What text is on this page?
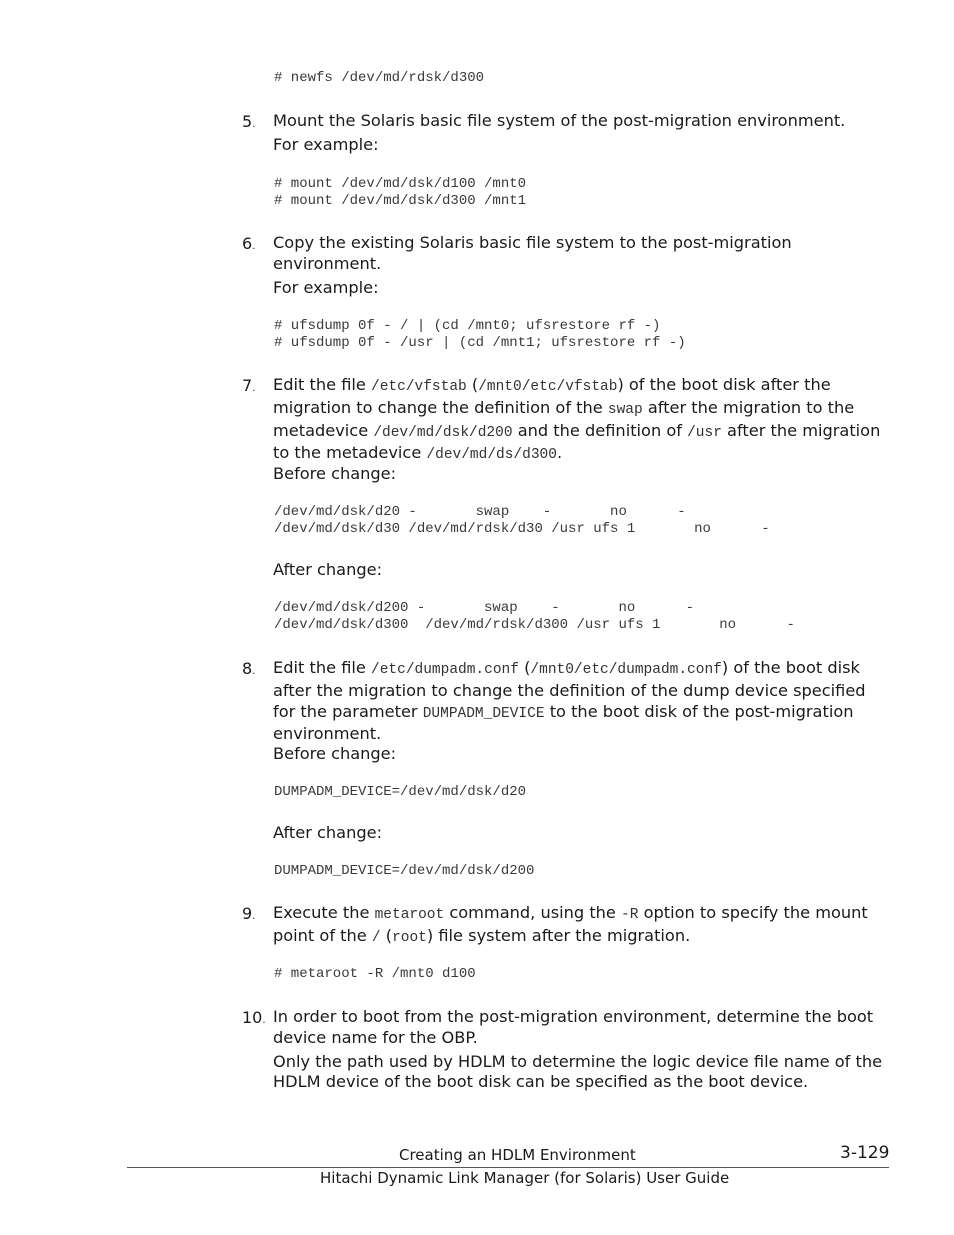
# newfs /dev/md/rdsk/d300
5. Mount the Solaris basic file system of the post-migration environment.

For example:

# mount /dev/md/dsk/d100 /mnt0
# mount /dev/md/dsk/d300 /mnt1
6. Copy the existing Solaris basic file system to the post-migration environment.

For example:

# ufsdump 0f - / | (cd /mnt0; ufsrestore rf -)
# ufsdump 0f - /usr | (cd /mnt1; ufsrestore rf -)
7. Edit the file /etc/vfstab (/mnt0/etc/vfstab) of the boot disk after the migration to change the definition of the swap after the migration to the metadevice /dev/md/dsk/d200 and the definition of /usr after the migration to the metadevice /dev/md/ds/d300.

Before change:
/dev/md/dsk/d20 -       swap    -       no      -
/dev/md/dsk/d30 /dev/md/rdsk/d30 /usr ufs 1       no      -
After change:
/dev/md/dsk/d200 -       swap    -       no      -
/dev/md/dsk/d300  /dev/md/rdsk/d300 /usr ufs 1       no      -
8. Edit the file /etc/dumpadm.conf (/mnt0/etc/dumpadm.conf) of the boot disk after the migration to change the definition of the dump device specified for the parameter DUMPADM_DEVICE to the boot disk of the post-migration environment.

Before change:
DUMPADM_DEVICE=/dev/md/dsk/d20
After change:
DUMPADM_DEVICE=/dev/md/dsk/d200
9. Execute the metaroot command, using the -R option to specify the mount point of the / (root) file system after the migration.

# metaroot -R /mnt0 d100
10. In order to boot from the post-migration environment, determine the boot device name for the OBP.

Only the path used by HDLM to determine the logic device file name of the HDLM device of the boot disk can be specified as the boot device.

Creating an HDLM Environment	3-129
Hitachi Dynamic Link Manager (for Solaris) User Guide
